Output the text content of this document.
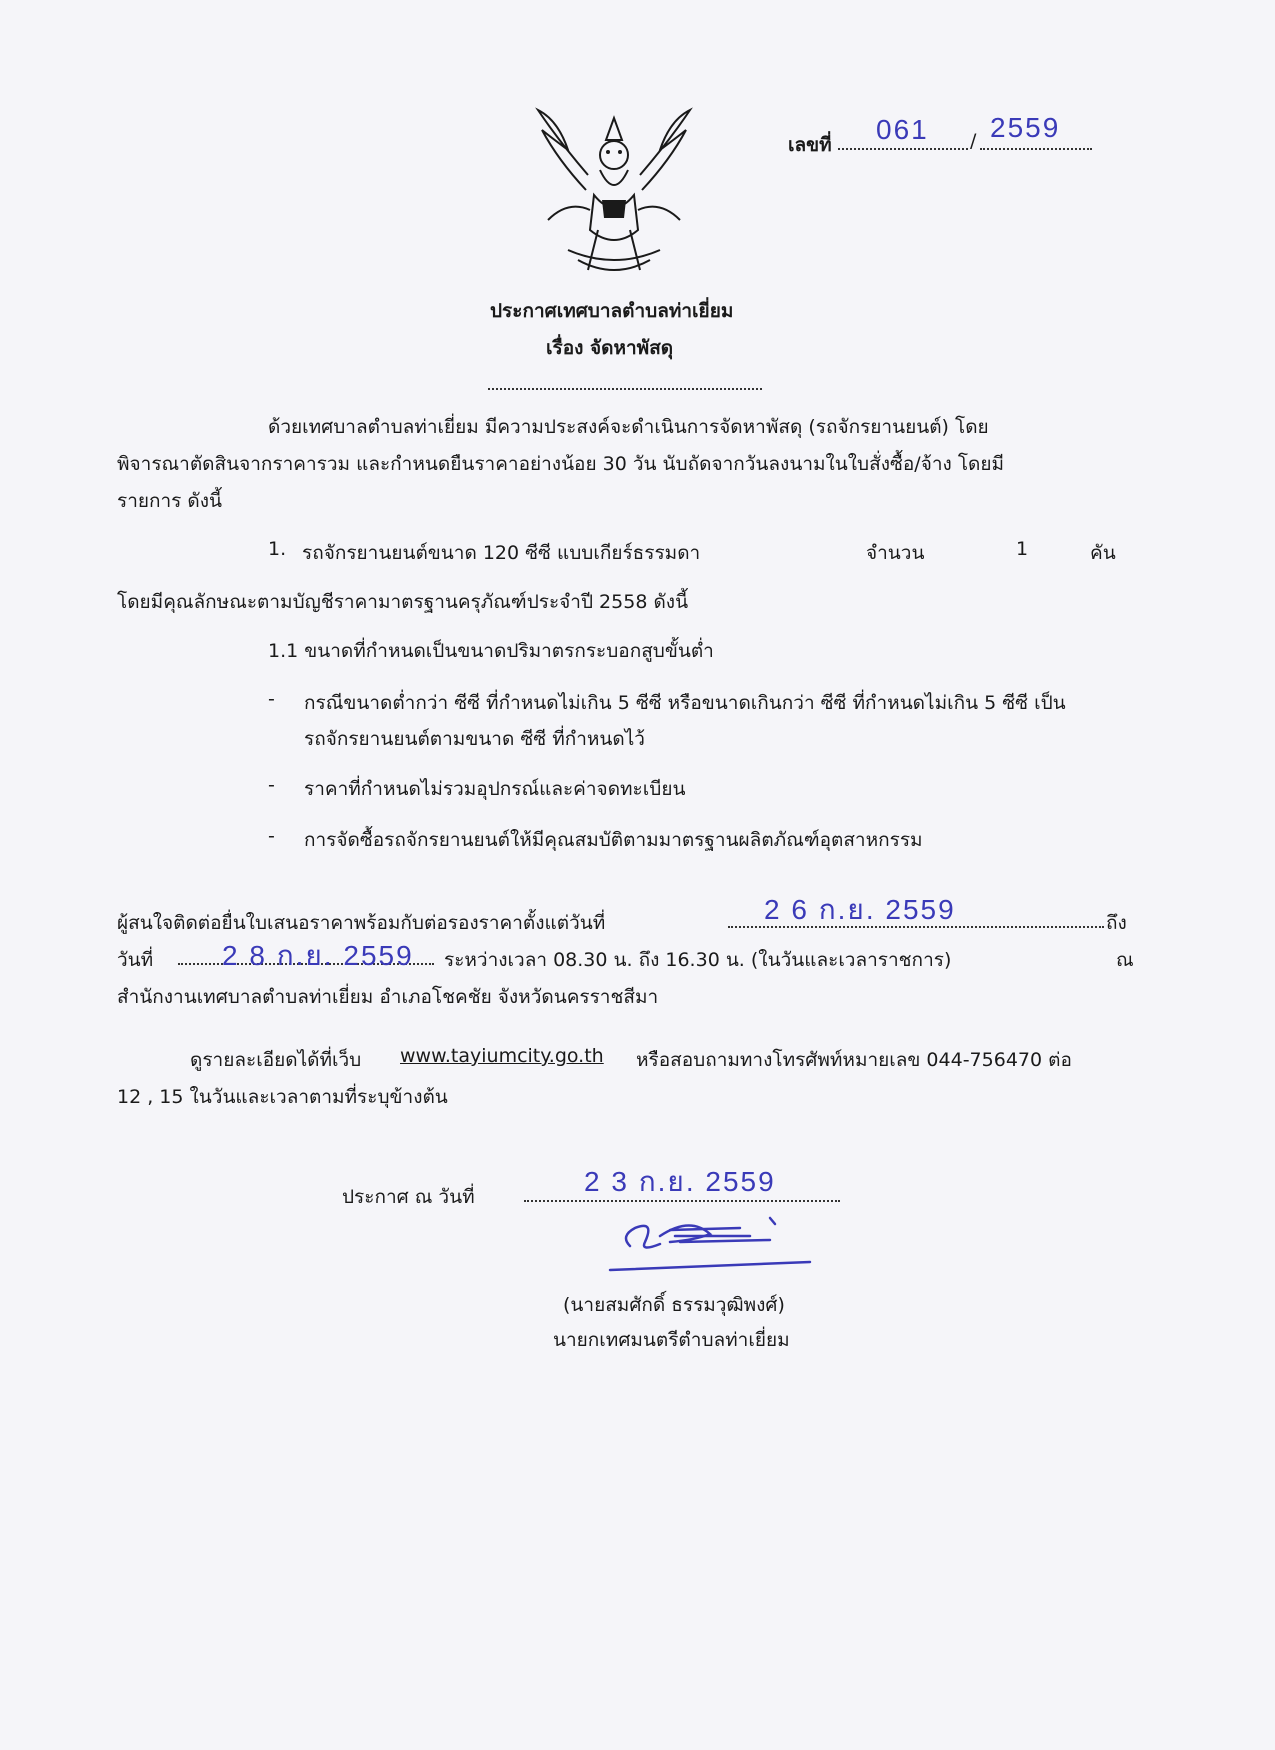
เลขที่ 061 / 2559
ประกาศเทศบาลตำบลท่าเยี่ยม
เรื่อง จัดหาพัสดุ
ด้วยเทศบาลตำบลท่าเยี่ยม มีความประสงค์จะดำเนินการจัดหาพัสดุ (รถจักรยานยนต์) โดย
พิจารณาตัดสินจากราคารวม และกำหนดยืนราคาอย่างน้อย 30 วัน นับถัดจากวันลงนามในใบสั่งซื้อ/จ้าง โดยมี
รายการ ดังนี้
1. รถจักรยานยนต์ขนาด 120 ซีซี แบบเกียร์ธรรมดา	จำนวน	1	คัน
โดยมีคุณลักษณะตามบัญชีราคามาตรฐานครุภัณฑ์ประจำปี 2558 ดังนี้
1.1 ขนาดที่กำหนดเป็นขนาดปริมาตรกระบอกสูบขั้นต่ำ
- กรณีขนาดต่ำกว่า ซีซี ที่กำหนดไม่เกิน 5 ซีซี หรือขนาดเกินกว่า ซีซี ที่กำหนดไม่เกิน 5 ซีซี เป็น
รถจักรยานยนต์ตามขนาด ซีซี ที่กำหนดไว้
- ราคาที่กำหนดไม่รวมอุปกรณ์และค่าจดทะเบียน
- การจัดซื้อรถจักรยานยนต์ให้มีคุณสมบัติตามมาตรฐานผลิตภัณฑ์อุตสาหกรรม
ผู้สนใจติดต่อยื่นใบเสนอราคาพร้อมกับต่อรองราคาตั้งแต่วันที่	2 6 ก.ย. 2559	ถึง
วันที่ 2 8 ก.ย. 2559 ระหว่างเวลา 08.30 น. ถึง 16.30 น. (ในวันและเวลาราชการ)	ณ
สำนักงานเทศบาลตำบลท่าเยี่ยม อำเภอโชคชัย จังหวัดนครราชสีมา
ดูรายละเอียดได้ที่เว็บ www.tayiumcity.go.th หรือสอบถามทางโทรศัพท์หมายเลข 044-756470 ต่อ
12 , 15 ในวันและเวลาตามที่ระบุข้างต้น
ประกาศ ณ วันที่	2 3 ก.ย. 2559
(นายสมศักดิ์ ธรรมวุฒิพงศ์)
นายกเทศมนตรีตำบลท่าเยี่ยม
